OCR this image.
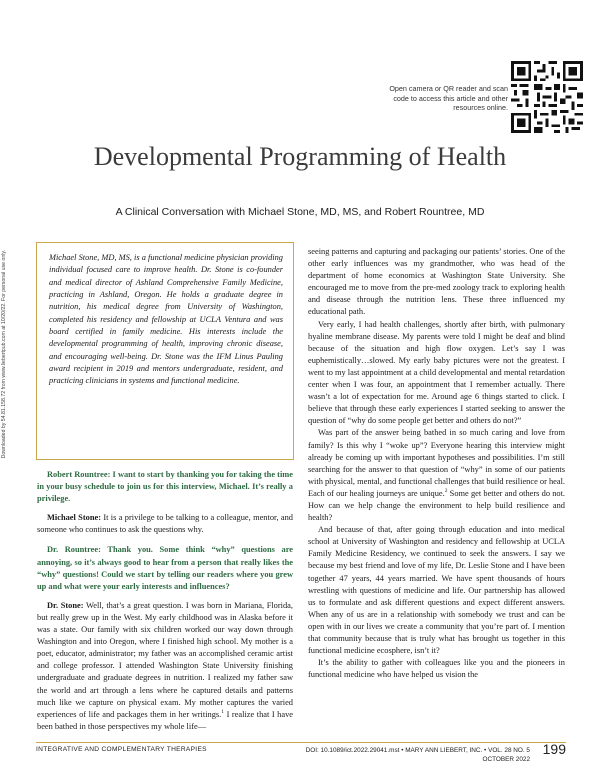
Downloaded by 54.81.158.72 from www.liebertpub.com at 10/20/22. For personal use only.
Open camera or QR reader and scan code to access this article and other resources online.
Developmental Programming of Health
A Clinical Conversation with Michael Stone, MD, MS, and Robert Rountree, MD
Michael Stone, MD, MS, is a functional medicine physician providing individual focused care to improve health. Dr. Stone is co-founder and medical director of Ashland Comprehensive Family Medicine, practicing in Ashland, Oregon. He holds a graduate degree in nutrition, his medical degree from University of Washington, completed his residency and fellowship at UCLA Ventura and was board certified in family medicine. His interests include the developmental programming of health, improving chronic disease, and encouraging well-being. Dr. Stone was the IFM Linus Pauling award recipient in 2019 and mentors undergraduate, resident, and practicing clinicians in systems and functional medicine.

Robert Rountree: I want to start by thanking you for taking the time in your busy schedule to join us for this interview, Michael. It’s really a privilege.

Michael Stone: It is a privilege to be talking to a colleague, mentor, and someone who continues to ask the questions why.

Dr. Rountree: Thank you. Some think “why” questions are annoying, so it’s always good to hear from a person that really likes the “why” questions! Could we start by telling our readers where you grew up and what were your early interests and influences?

Dr. Stone: Well, that’s a great question. I was born in Mariana, Florida, but really grew up in the West. My early childhood was in Alaska before it was a state. Our family with six children worked our way down through Washington and into Oregon, where I finished high school. My mother is a poet, educator, administrator; my father was an accomplished ceramic artist and college professor. I attended Washington State University finishing undergraduate and graduate degrees in nutrition. I realized my father saw the world and art through a lens where he captured details and patterns much like we capture on physical exam. My mother captures the varied experiences of life and packages them in her writings.$^1$ I realize that I have been bathed in those perspectives my whole life—

seeing patterns and capturing and packaging our patients’ stories. One of the other early influences was my grandmother, who was head of the department of home economics at Washington State University. She encouraged me to move from the pre-med zoology track to exploring health and disease through the nutrition lens. These three influenced my educational path.

Very early, I had health challenges, shortly after birth, with pulmonary hyaline membrane disease. My parents were told I might be deaf and blind because of the situation and high flow oxygen. Let’s say I was euphemistically…slowed. My early baby pictures were not the greatest. I went to my last appointment at a child developmental and mental retardation center when I was four, an appointment that I remember actually. There wasn’t a lot of expectation for me. Around age 6 things started to click. I believe that through these early experiences I started seeking to answer the question of “why do some people get better and others do not?”

Was part of the answer being bathed in so much caring and love from family? Is this why I “woke up”? Everyone hearing this interview might already be coming up with important hypotheses and possibilities. I’m still searching for the answer to that question of “why” in some of our patients with physical, mental, and functional challenges that build resilience or heal. Each of our healing journeys are unique.$^2$ Some get better and others do not. How can we help change the environment to help build resilience and health?

And because of that, after going through education and into medical school at University of Washington and residency and fellowship at UCLA Family Medicine Residency, we continued to seek the answers. I say we because my best friend and love of my life, Dr. Leslie Stone and I have been together 47 years, 44 years married. We have spent thousands of hours wrestling with questions of medicine and life. Our partnership has allowed us to formulate and ask different questions and expect different answers. When any of us are in a relationship with somebody we trust and can be open with in our lives we create a community that you’re part of. I mention that community because that is truly what has brought us together in this functional medicine ecosphere, isn’t it?

It’s the ability to gather with colleagues like you and the pioneers in functional medicine who have helped us vision the

INTEGRATIVE AND COMPLEMENTARY THERAPIES	DOI: 10.1089/ict.2022.29041.mst • MARY ANN LIEBERT, INC. • VOL. 28 NO. 5
OCTOBER 2022
199
